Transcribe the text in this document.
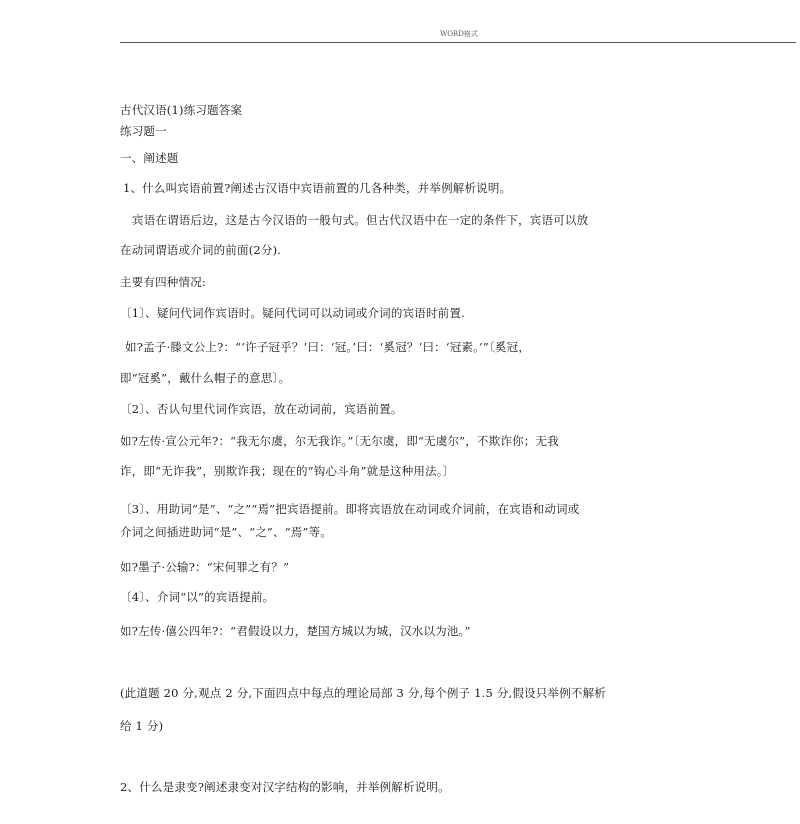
WORD格式
古代汉语(1)练习题答案
练习题一
一、阐述题
1、什么叫宾语前置?阐述古汉语中宾语前置的几各种类，并举例解析说明。
宾语在谓语后边，这是古今汉语的一般句式。但古代汉语中在一定的条件下，宾语可以放
在动词谓语或介词的前面(2分).
主要有四种情况:
〔1〕、疑问代词作宾语时。疑问代词可以动词或介词的宾语时前置.
如?孟子·滕文公上?：“‘许子冠乎？’曰：‘冠。’曰：‘奚冠？’曰：‘冠素。’”〔奚冠，
即“冠奚”，戴什么帽子的意思〕。
〔2〕、否认句里代词作宾语，放在动词前，宾语前置。
如?左传·宣公元年?：“我无尔虞，尔无我诈。”〔无尔虞，即“无虞尔”，不欺诈你；无我
诈，即“无诈我”，别欺诈我；现在的“钩心斗角”就是这种用法。〕
〔3〕、用助词“是”、“之”“焉”把宾语提前。即将宾语放在动词或介词前，在宾语和动词或
介词之间插进助词“是”、“之”、“焉”等。
如?墨子·公输?：“宋何罪之有？”
〔4〕、介词“以”的宾语提前。
如?左传·僖公四年?：“君假设以力，楚国方城以为城，汉水以为池。”
(此道题 20 分,观点 2 分,下面四点中每点的理论局部 3 分,每个例子 1.5 分,假设只举例不解析
给 1 分)
2、什么是隶变?阐述隶变对汉字结构的影响，并举例解析说明。
